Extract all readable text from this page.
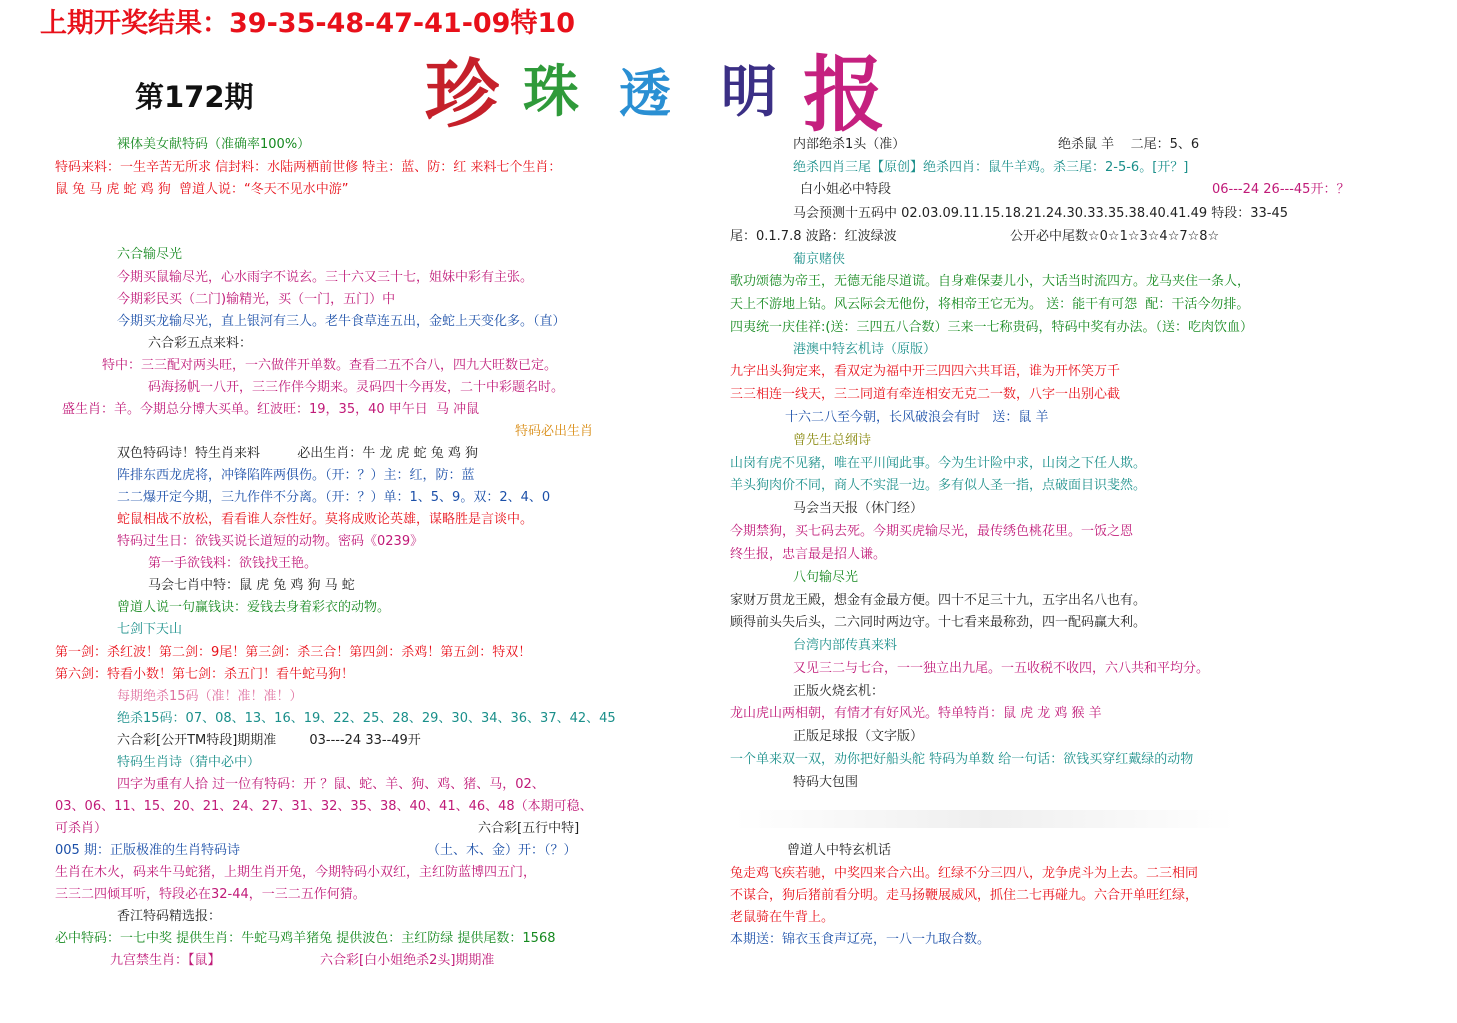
上期开奖结果：39-35-48-47-41-09特10
第172期 珍 珠 透 明 报
裸体美女献特码（准确率100%）
特码来料：一生辛苦无所求 信封料：水陆两栖前世修 特主：蓝、防：红 来料七个生肖：
鼠 兔 马 虎 蛇 鸡 狗  曾道人说：“冬天不见水中游”
六合输尽光
今期买鼠输尽光，心水雨字不说玄。三十六又三十七，姐妹中彩有主张。
今期彩民买（二门)输精光，买（一门，五门）中
今期买龙输尽光，直上银河有三人。老牛食草连五出，金蛇上天变化多。（直）
六合彩五点来料：
特中：三三配对两头旺，一六做伴开单数。查看二五不合八，四九大旺数已定。
码海扬帆一八开，三三作伴今期来。灵码四十今再发，二十中彩题名时。
盛生肖：羊。今期总分博大买单。红波旺：19，35，40 甲午日  马 冲鼠
特码必出生肖
双色特码诗！特生肖来料         必出生肖：牛 龙 虎 蛇 兔 鸡 狗
阵排东西龙虎将，冲锋陷阵两俱伤。（开：？）主：红，防：蓝
二二爆开定今期，三九作伴不分离。（开：？）单：1、5、9。双：2、4、0
蛇鼠相战不放松，看看谁人奈性好。莫将成败论英雄，谋略胜是言谈中。
特码过生日：欲钱买说长道短的动物。密码《0239》
第一手欲钱料：欲钱找王艳。
马会七肖中特：鼠 虎 兔 鸡 狗 马 蛇
曾道人说一句赢钱诀：爱钱去身着彩衣的动物。
七剑下天山
第一剑：杀红波！第二剑：9尾！第三剑：杀三合！第四剑：杀鸡！第五剑：特双！
第六剑：特看小数！第七剑：杀五门！看牛蛇马狗！
每期绝杀15码（准！准！准！）
绝杀15码：07、08、13、16、19、22、25、28、29、30、34、36、37、42、45
六合彩[公开TM特段]期期准        03----24 33--49开
特码生肖诗（猜中必中）
四字为重有人拾 过一位有特码：开 ？鼠、蛇、羊、狗、鸡、猪、马，02、
03、06、11、15、20、21、24、27、31、32、35、38、40、41、46、48（本期可稳、
可杀肖）	六合彩[五行中特]
005 期：正版极准的生肖特码诗	（土、木、金）开：（？）
生肖在木火，码来牛马蛇猪，上期生肖开兔，今期特码小双红，主红防蓝博四五门，
三三二四倾耳听，特段必在32-44，一三二五作何猜。
香江特码精选报：
必中特码：一七中奖 提供生肖：牛蛇马鸡羊猪兔 提供波色：主红防绿 提供尾数：1568
九宫禁生肖：【鼠】	六合彩[白小姐绝杀2头]期期准
内部绝杀1头（准）	绝杀鼠 羊    二尾：5、6
绝杀四肖三尾【原创】绝杀四肖：鼠牛羊鸡。杀三尾：2-5-6。[开？]
白小姐必中特段	06---24 26---45开：？
马会预测十五码中 02.03.09.11.15.18.21.24.30.33.35.38.40.41.49 特段：33-45
尾：0.1.7.8 波路：红波绿波	公开必中尾数☆0☆1☆3☆4☆7☆8☆
葡京赌侠
歌功颂德为帝王，无德无能尽道谎。自身难保妻儿小，大话当时流四方。龙马夹住一条人，
天上不游地上钻。风云际会无他份，将相帝王它无为。 送：能干有可怨  配：干活今勿排。
四夷统一庆佳祥:(送：三四五八合数）三来一七称贵码，特码中奖有办法。（送：吃肉饮血）
港澳中特玄机诗（原版）
九字出头狗定来，看双定为福中开三四四六共耳语，谁为开怀笑万千
三三相连一线天，三二同道有牵连相安无克二一数，八字一出别心截
十六二八至今朝，长风破浪会有时   送：鼠 羊
曾先生总纲诗
山岗有虎不见豬，唯在平川闻此事。今为生计险中求，山岗之下任人欺。
羊头狗肉价不同，商人不实混一边。多有似人圣一指，点破面目识斐然。
马会当天报（休门经）
今期禁狗，买七码去死。今期买虎输尽光，最传绣色桃花里。一饭之恩
终生报，忠言最是招人谦。
八句输尽光
家财万贯龙王殿，想金有金最方便。四十不足三十九，五字出名八也有。
顾得前头失后头，二六同时两边守。十七看来最称劲，四一配码赢大利。
台湾内部传真来料
又见三二与七合，一一独立出九尾。一五收税不收四，六八共和平均分。
正版火烧玄机：
龙山虎山两相朝，有情才有好风光。特单特肖：鼠 虎 龙 鸡 猴 羊
正版足球报（文字版）
一个单来双一双，劝你把好船头舵 特码为单数 给一句话：欲钱买穿红戴绿的动物
特码大包围
曾道人中特玄机话
兔走鸡飞疾若驰，中奖四来合六出。红绿不分三四八，龙争虎斗为上去。二三相同
不谋合，狗后猪前看分明。走马扬鞭展威风，抓住二七再碰九。六合开单旺红绿，
老鼠骑在牛背上。
本期送：锦衣玉食声辽亮，一八一九取合数。
